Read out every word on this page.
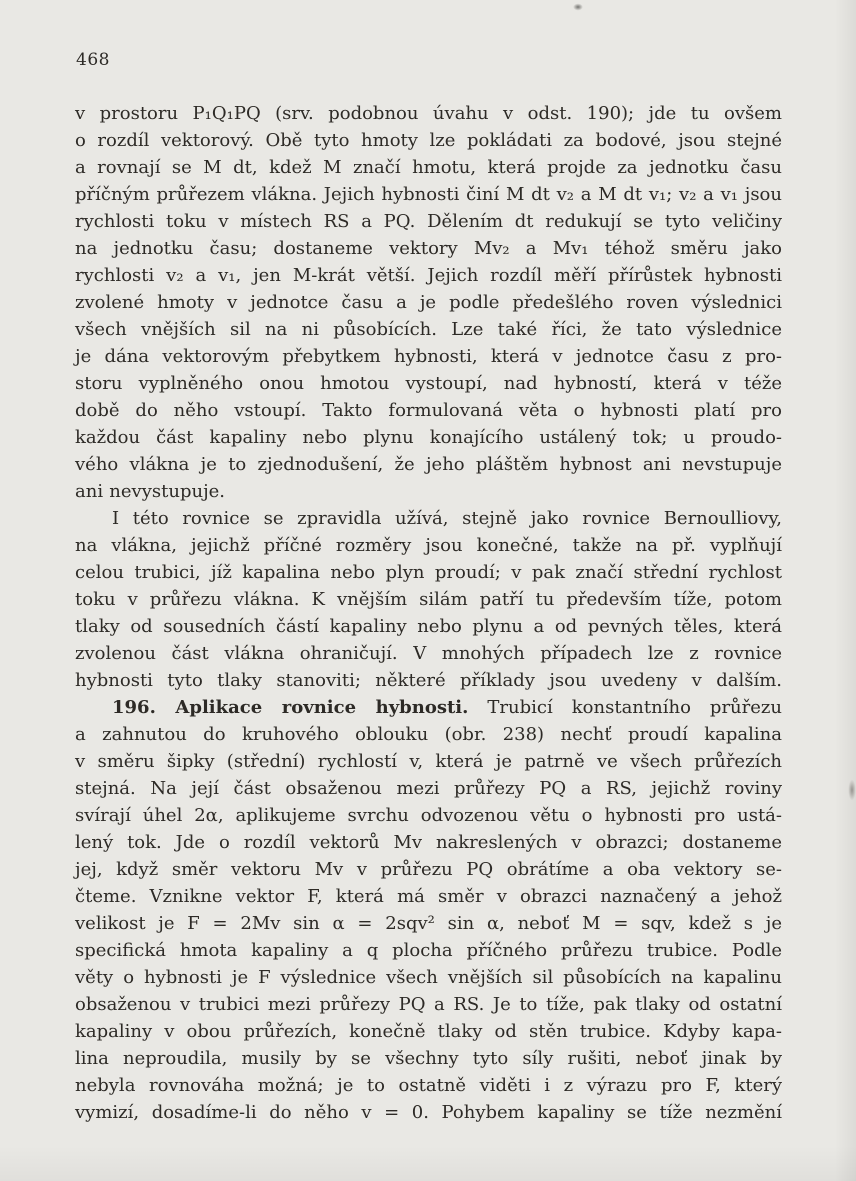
468
v prostoru P₁Q₁PQ (srv. podobnou úvahu v odst. 190); jde tu ovšem
o rozdíl vektorový. Obě tyto hmoty lze pokládati za bodové, jsou stejné
a rovnají se M dt, kdež M značí hmotu, která projde za jednotku času
příčným průřezem vlákna. Jejich hybnosti činí M dt v₂ a M dt v₁; v₂ a v₁ jsou
rychlosti toku v místech RS a PQ. Dělením dt redukují se tyto veličiny
na jednotku času; dostaneme vektory Mv₂ a Mv₁ téhož směru jako
rychlosti v₂ a v₁, jen M-krát větší. Jejich rozdíl měří přírůstek hybnosti
zvolené hmoty v jednotce času a je podle předešlého roven výslednici
všech vnějších sil na ni působících. Lze také říci, že tato výslednice
je dána vektorovým přebytkem hybnosti, která v jednotce času z pro-
storu vyplněného onou hmotou vystoupí, nad hybností, která v téže
době do něho vstoupí. Takto formulovaná věta o hybnosti platí pro
každou část kapaliny nebo plynu konajícího ustálený tok; u proudo-
vého vlákna je to zjednodušení, že jeho pláštěm hybnost ani nevstupuje
ani nevystupuje.
I této rovnice se zpravidla užívá, stejně jako rovnice Bernoulliovy,
na vlákna, jejichž příčné rozměry jsou konečné, takže na př. vyplňují
celou trubici, jíž kapalina nebo plyn proudí; v pak značí střední rychlost
toku v průřezu vlákna. K vnějším silám patří tu především tíže, potom
tlaky od sousedních částí kapaliny nebo plynu a od pevných těles, která
zvolenou část vlákna ohraničují. V mnohých případech lze z rovnice
hybnosti tyto tlaky stanoviti; některé příklady jsou uvedeny v dalším.
196. Aplikace rovnice hybnosti. Trubicí konstantního průřezu
a zahnutou do kruhového oblouku (obr. 238) nechť proudí kapalina
v směru šipky (střední) rychlostí v, která je patrně ve všech průřezích
stejná. Na její část obsaženou mezi průřezy PQ a RS, jejichž roviny
svírají úhel 2α, aplikujeme svrchu odvozenou větu o hybnosti pro ustá-
lený tok. Jde o rozdíl vektorů Mv nakreslených v obrazci; dostaneme
jej, když směr vektoru Mv v průřezu PQ obrátíme a oba vektory se-
čteme. Vznikne vektor F, která má směr v obrazci naznačený a jehož
velikost je F = 2Mv sin α = 2sqv² sin α, neboť M = sqv, kdež s je
specifická hmota kapaliny a q plocha příčného průřezu trubice. Podle
věty o hybnosti je F výslednice všech vnějších sil působících na kapalinu
obsaženou v trubici mezi průřezy PQ a RS. Je to tíže, pak tlaky od ostatní
kapaliny v obou průřezích, konečně tlaky od stěn trubice. Kdyby kapa-
lina neproudila, musily by se všechny tyto síly rušiti, neboť jinak by
nebyla rovnováha možná; je to ostatně viděti i z výrazu pro F, který
vymizí, dosadíme-li do něho v = 0. Pohybem kapaliny se tíže nezmění
